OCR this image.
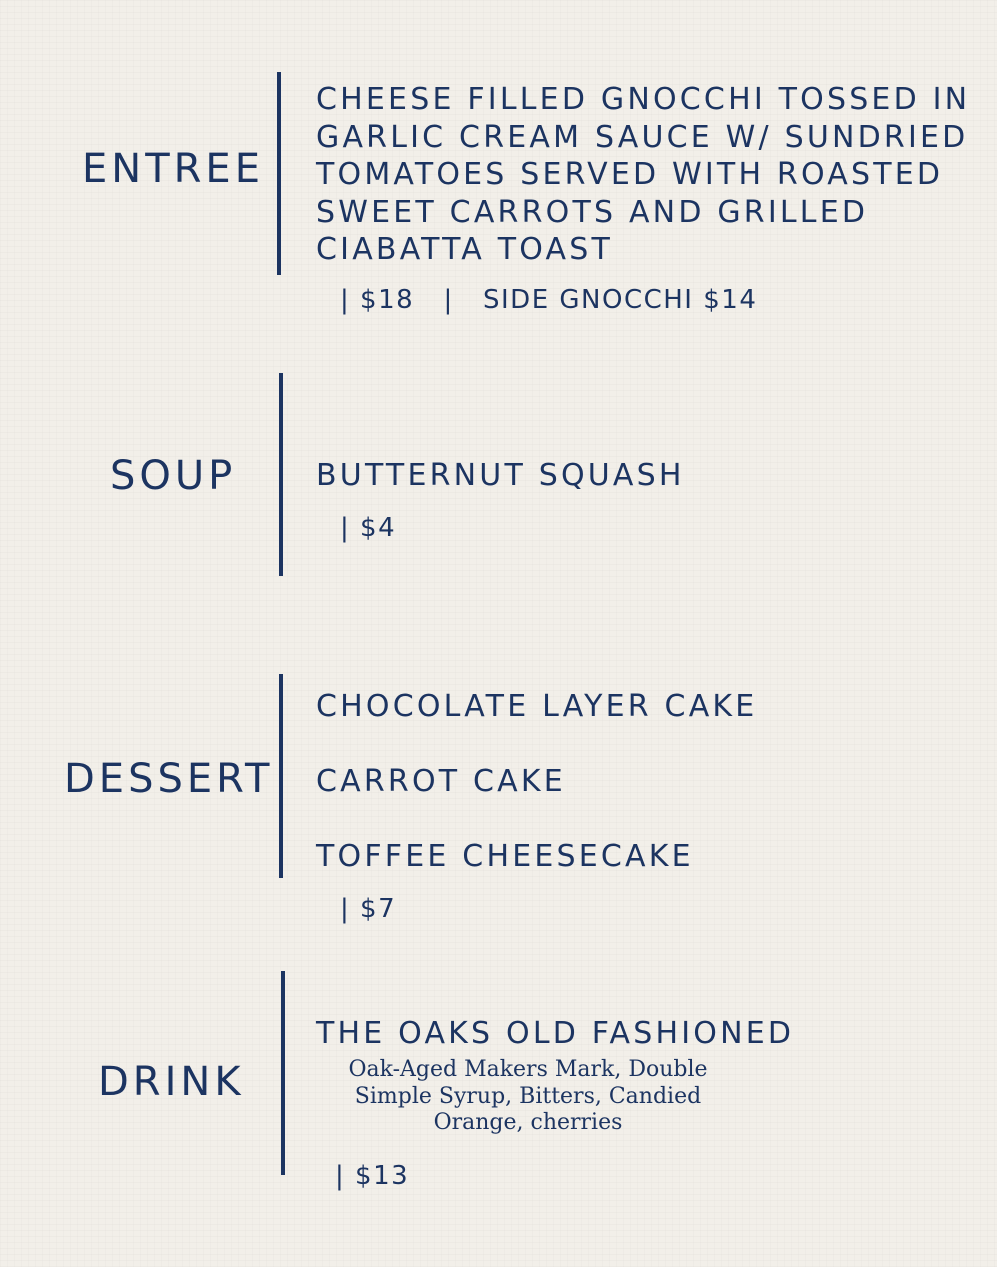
ENTREE

CHEESE FILLED GNOCCHI TOSSED IN GARLIC CREAM SAUCE W/ SUNDRIED TOMATOES SERVED WITH ROASTED SWEET CARROTS AND GRILLED CIABATTA TOAST

| $18   |   SIDE GNOCCHI $14
SOUP	BUTTERNUT SQUASH

| $4
DESSERT

CHOCOLATE LAYER CAKE

CARROT CAKE

TOFFEE CHEESECAKE

| $7
DRINK

THE OAKS OLD FASHIONED

Oak-Aged Makers Mark, Double Simple Syrup, Bitters, Candied Orange, cherries
| $13
